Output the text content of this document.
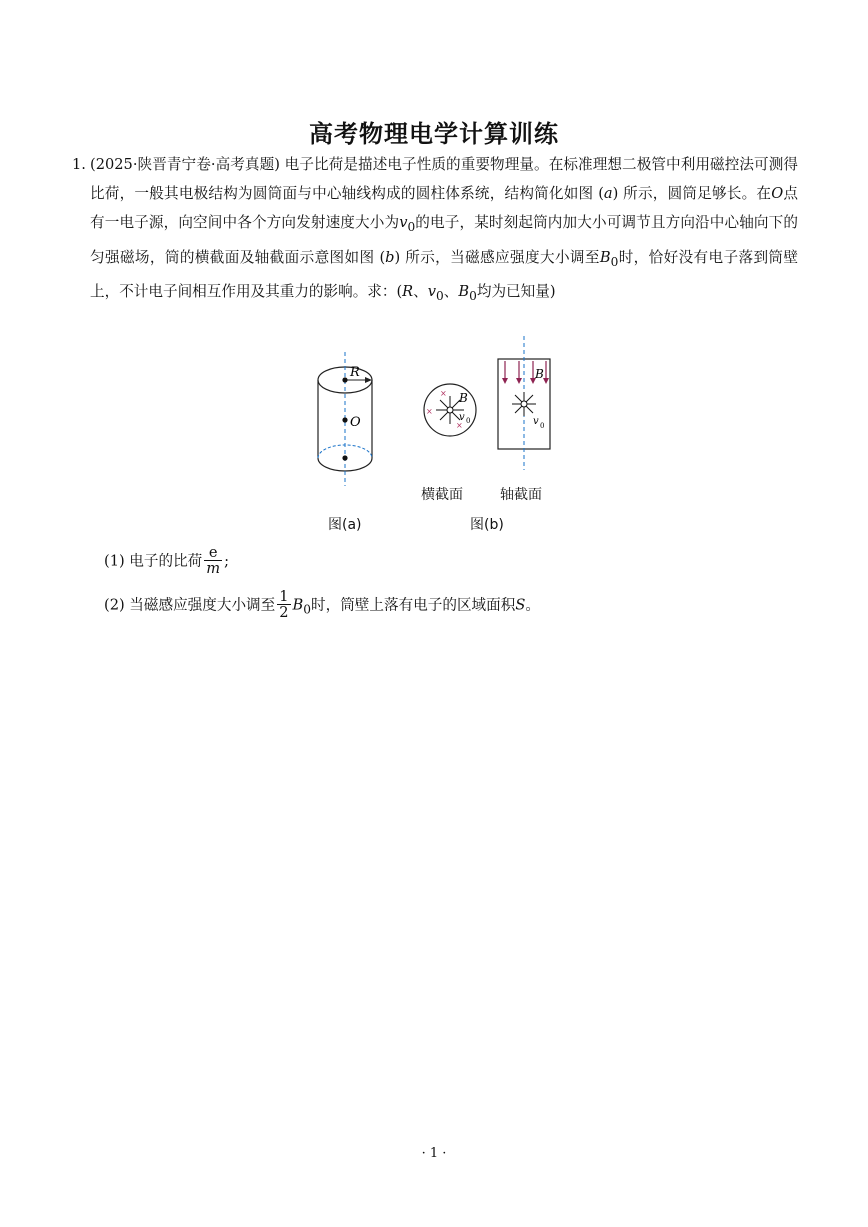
高考物理电学计算训练
1. (2025·陕晋青宁卷·高考真题) 电子比荷是描述电子性质的重要物理量。在标准理想二极管中利用磁控法可测得比荷，一般其电极结构为圆筒面与中心轴线构成的圆柱体系统，结构简化如图 (a) 所示，圆筒足够长。在O点有一电子源，向空间中各个方向发射速度大小为$v_0$的电子，某时刻起筒内加大小可调节且方向沿中心轴向下的匀强磁场，筒的横截面及轴截面示意图如图 (b) 所示，当磁感应强度大小调至$B_0$时，恰好没有电子落到筒壁上，不计电子间相互作用及其重力的影响。求：(R、$v_0$、$B_0$均为已知量)
R
O
×
×
×
B
v 0
B
v 0
横截面	轴截面
图(a)	图(b)
(1) 电子的比荷 $\frac{e}{m}$ ;
(2) 当磁感应强度大小调至 $\frac{1}{2} B_0$时，筒壁上落有电子的区域面积S。
· 1 ·
